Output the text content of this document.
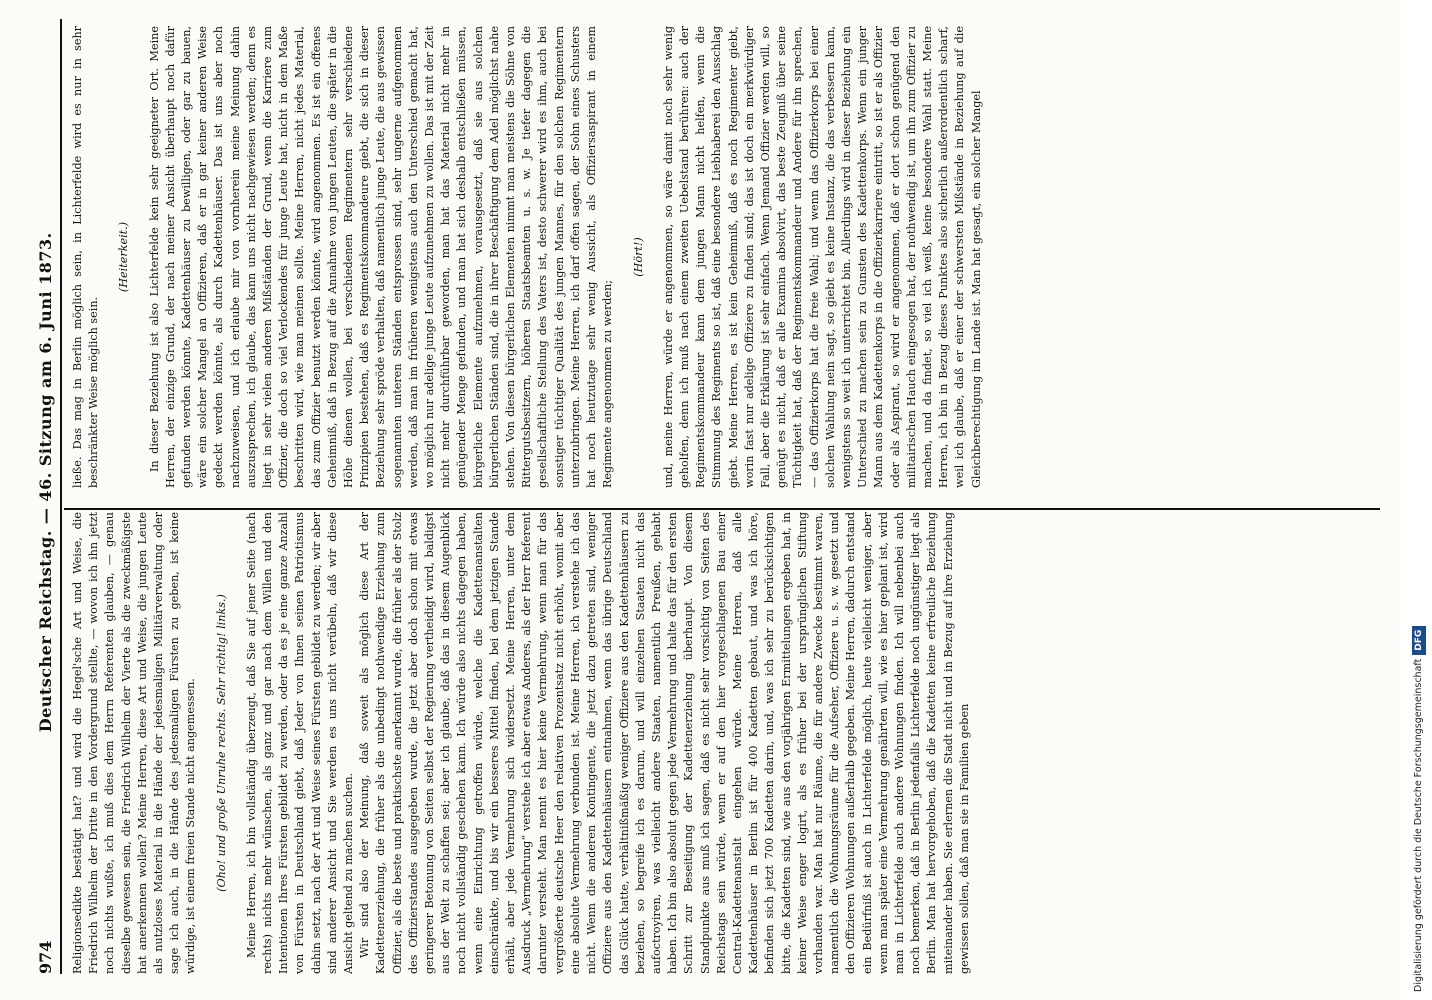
974
Deutscher Reichstag. — 46. Sitzung am 6. Juni 1873.

Religionsedikte bestätigt hat? und wird die Hegel'sche Art und Weise, die Friedrich Wilhelm der Dritte in den Vordergrund stellte, — wovon ich ihn jetzt noch nichts wußte, ich muß dies dem Herrn Referenten glauben, — genau dieselbe gewesen sein, die Friedrich Wilhelm der Vierte als die zweckmäßigste hat anerkennen wollen? Meine Herren, diese Art und Weise, die jungen Leute als nutzloses Material in die Hände der jedesmaligen Militärverwaltung oder sage ich auch, in die Hände des jedesmaligen Fürsten zu geben, ist keine würdige, ist einem freien Stande nicht angemessen. (Oho! und große Unruhe rechts. Sehr richtig! links.) Meine Herren, ich bin vollständig überzeugt, daß Sie auf jener Seite (nach rechts) nichts mehr wünschen, als ganz und gar nach dem Willen und den Intentionen Ihres Fürsten gebildet zu werden, oder da es je eine ganze Anzahl von Fürsten in Deutschland giebt, daß Jeder von Ihnen seinen Patriotismus dahin setzt, nach der Art und Weise seines Fürsten gebildet zu werden; wir aber sind anderer Ansicht und Sie werden es uns nicht verübeln, daß wir diese Ansicht geltend zu machen suchen. Wir sind also der Meinung, daß soweit als möglich diese Art der Kadettenerziehung, die früher als die unbedingt nothwendige Erziehung zum Offizier, als die beste und praktischste anerkannt wurde, die früher als der Stolz des Offizierstandes ausgegeben wurde, die jetzt aber doch schon mit etwas geringerer Betonung von Seiten selbst der Regierung vertheidigt wird, baldigst aus der Welt zu schaffen sei; aber ich glaube, daß das in diesem Augenblick noch nicht vollständig geschehen kann. Ich würde also nichts dagegen haben, wenn eine Einrichtung getroffen würde, welche die Kadettenanstalten einschränkte, und bis wir ein besseres Mittel finden, bei dem jetzigen Stande erhält, aber jede Vermehrung sich widersetzt. Meine Herren, unter dem Ausdruck „Vermehrung“ verstehe ich aber etwas Anderes, als der Herr Referent darunter versteht. Man nennt es hier keine Vermehrung, wenn man für das vergrößerte deutsche Heer den relativen Prozentsatz nicht erhöht, womit aber eine absolute Vermehrung verbunden ist. Meine Herren, ich verstehe ich das nicht. Wenn die anderen Kontingente, die jetzt dazu getreten sind, weniger Offiziere aus den Kadettenhäusern entnahmen, wenn das übrige Deutschland das Glück hatte, verhältnißmäßig weniger Offiziere aus den Kadettenhäusern zu beziehen, so begreife ich es darum, und will einzelnen Staaten nicht das aufoctroyiren, was vielleicht andere Staaten, namentlich Preußen, gehabt haben. Ich bin also absolut gegen jede Vermehrung und halte das für den ersten Schritt zur Beseitigung der Kadettenerziehung überhaupt. Von diesem Standpunkte aus muß ich sagen, daß es nicht sehr vorsichtig von Seiten des Reichstags sein würde, wenn er auf den hier vorgeschlagenen Bau einer Central-Kadettenanstalt eingehen würde. Meine Herren, daß alle Kadettenhäuser in Berlin ist für 400 Kadetten gebaut, und was ich höre, befinden sich jetzt 700 Kadetten darin, und, was ich sehr zu berücksichtigen bitte, die Kadetten sind, wie aus den vorjährigen Ermittelungen ergeben hat, in keiner Weise enger logirt, als es früher bei der ursprünglichen Stiftung vorhanden war. Man hat nur Räume, die für andere Zwecke bestimmt waren, namentlich die Wohnungsräume für die Aufseher, Offiziere u. s. w. gesetzt und den Offizieren Wohnungen außerhalb gegeben. Meine Herren, dadurch entstand ein Bedürfniß ist auch in Lichterfelde möglich, heute vielleicht weniger, aber wenn man später eine Vermehrung genährten will, wie es hier geplant ist, wird man in Lichterfelde auch andere Wohnungen finden. Ich will nebenbei auch noch bemerken, daß in Berlin jedenfalls Lichterfelde noch ungünstiger liegt als Berlin. Man hat hervorgehoben, daß die Kadetten keine erfreuliche Beziehung miteinander haben. Sie erlernen die Stadt nicht und in Bezug auf ihre Erziehung gewissen sollen, daß man sie in Familien geben

ließe. Das mag in Berlin möglich sein, in Lichterfelde wird es nur in sehr beschränkter Weise möglich sein.

(Heiterkeit.) In dieser Beziehung ist also Lichterfelde kein sehr geeigneter Ort. Meine Herren, der einzige Grund, der nach meiner Ansicht überhaupt noch dafür gefunden werden könnte, Kadettenhäuser zu bewilligen, oder gar zu bauen, wäre ein solcher Mangel an Offizieren, daß er in gar keiner anderen Weise gedeckt werden könnte, als durch Kadettenhäuser. Das ist uns aber noch nachzuweisen, und ich erlaube mir von vornherein meine Meinung dahin auszusprechen, ich glaube, das kann uns nicht nachgewiesen werden; denn es liegt in sehr vielen anderen Mißständen der Grund, wenn die Karriere zum Offizier, die doch so viel Verlockendes für junge Leute hat, nicht in dem Maße beschritten wird, wie man meinen sollte. Meine Herren, nicht jedes Material, das zum Offizier benutzt werden könnte, wird angenommen. Es ist ein offenes Geheimniß, daß in Bezug auf die Annahme von jungen Leuten, die später in die Höhe dienen wollen, bei verschiedenen Regimentern sehr verschiedene Prinzipien bestehen, daß es Regimentskommandeure giebt, die sich in dieser Beziehung sehr spröde verhalten, daß namentlich junge Leute, die aus gewissen sogenannten unteren Ständen entsprossen sind, sehr ungerne aufgenommen werden, daß man im früheren wenigstens auch den Unterschied gemacht hat, wo möglich nur adelige junge Leute aufzunehmen zu wollen. Das ist mit der Zeit nicht mehr durchführbar geworden, man hat das Material nicht mehr in genügender Menge gefunden, und man hat sich deshalb entschließen müssen, bürgerliche Elemente aufzunehmen, vorausgesetzt, daß sie aus solchen bürgerlichen Ständen sind, die in ihrer Beschäftigung dem Adel möglichst nahe stehen. Von diesen bürgerlichen Elementen nimmt man meistens die Söhne von Rittergutsbesitzern, höheren Staatsbeamten u. s. w. Je tiefer dagegen die gesellschaftliche Stellung des Vaters ist, desto schwerer wird es ihm, auch bei sonstiger tüchtiger Qualität des jungen Mannes, für den solchen Regimentern unterzubringen. Meine Herren, ich darf offen sagen, der Sohn eines Schusters hat noch heutzutage sehr wenig Aussicht, als Offiziersaspirant in einem Regimente angenommen zu werden;

(Hört!) und, meine Herren, würde er angenommen, so wäre damit noch sehr wenig geholfen, denn ich muß nach einem zweiten Uebelstand berühren: auch der Regimentskommandeur kann dem jungen Mann nicht helfen, wenn die Stimmung des Regiments so ist, daß eine besondere Liebhaberei den Ausschlag giebt. Meine Herren, es ist kein Geheimniß, daß es noch Regimenter giebt, worin fast nur adelige Offiziere zu finden sind; das ist doch ein merkwürdiger Fall, aber die Erklärung ist sehr einfach. Wenn Jemand Offizier werden will, so genügt es nicht, daß er alle Examina absolvirt, das beste Zeugniß über seine Tüchtigkeit hat, daß der Regimentskommandeur und Andere für ihn sprechen, — das Offizierkorps hat die freie Wahl; und wenn das Offizierkorps bei einer solchen Wahlung nein sagt, so giebt es keine Instanz, die das verbessern kann, wenigstens so weit ich unterrichtet bin. Allerdings wird in dieser Beziehung ein Unterschied zu machen sein zu Gunsten des Kadettenkorps. Wenn ein junger Mann aus dem Kadettenkorps in die Offizierkarriere eintritt, so ist er als Offizier oder als Aspirant, so wird er angenommen, daß er dort schon genügend den militairischen Hauch eingesogen hat, der nothwendig ist, um ihn zum Offizier zu machen, und da findet, so viel ich weiß, keine besondere Wahl statt. Meine Herren, ich bin in Bezug dieses Punktes also sicherlich außerordentlich scharf, weil ich glaube, daß er einer der schwersten Mißstände in Beziehung auf die Gleichberechtigung im Lande ist. Man hat gesagt, ein solcher Mangel

Digitalisierung gefördert durch die Deutsche Forschungsgemeinschaft
DFG
